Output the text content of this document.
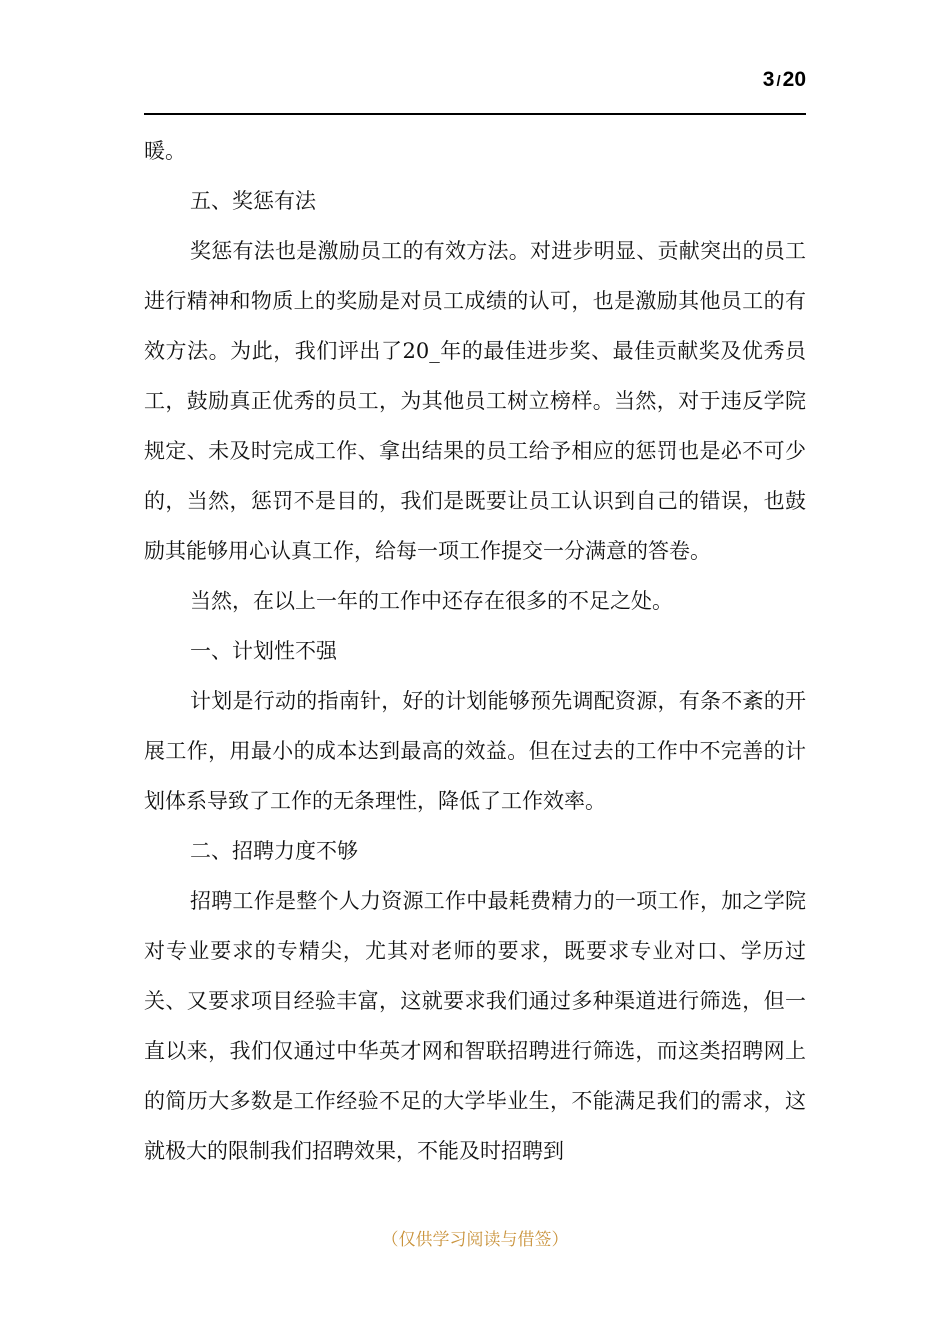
3 /20

暖。

五、奖惩有法

奖惩有法也是激励员工的有效方法。对进步明显、贡献突出的员工进行精神和物质上的奖励是对员工成绩的认可，也是激励其他员工的有效方法。为此，我们评出了20_年的最佳进步奖、最佳贡献奖及优秀员工，鼓励真正优秀的员工，为其他员工树立榜样。当然，对于违反学院规定、未及时完成工作、拿出结果的员工给予相应的惩罚也是必不可少的，当然，惩罚不是目的，我们是既要让员工认识到自己的错误，也鼓励其能够用心认真工作，给每一项工作提交一分满意的答卷。

当然，在以上一年的工作中还存在很多的不足之处。

一、计划性不强

计划是行动的指南针，好的计划能够预先调配资源，有条不紊的开展工作，用最小的成本达到最高的效益。但在过去的工作中不完善的计划体系导致了工作的无条理性，降低了工作效率。

二、招聘力度不够

招聘工作是整个人力资源工作中最耗费精力的一项工作，加之学院对专业要求的专精尖，尤其对老师的要求，既要求专业对口、学历过关、又要求项目经验丰富，这就要求我们通过多种渠道进行筛选，但一直以来，我们仅通过中华英才网和智联招聘进行筛选，而这类招聘网上的简历大多数是工作经验不足的大学毕业生，不能满足我们的需求，这就极大的限制我们招聘效果，不能及时招聘到

（仅供学习阅读与借签）
